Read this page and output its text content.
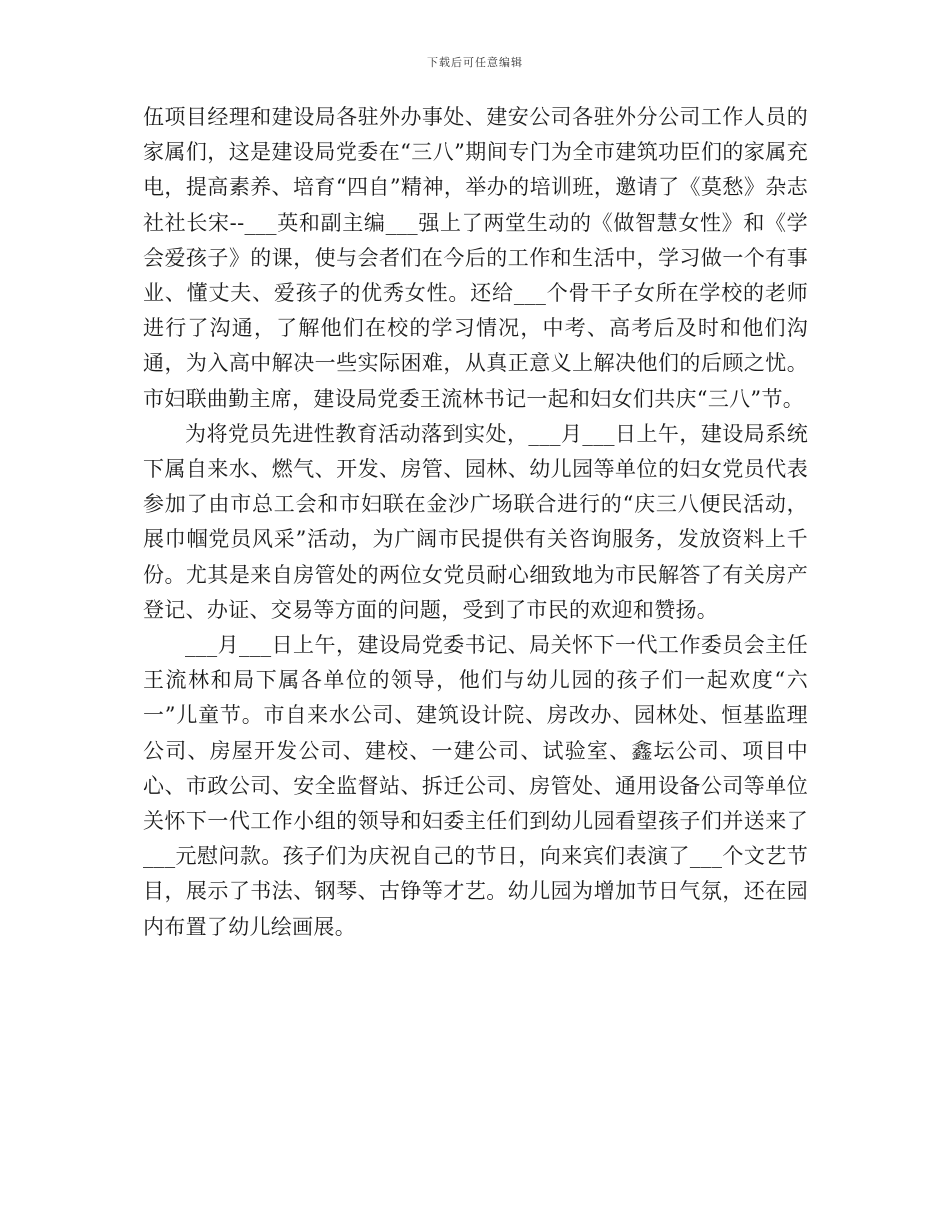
下载后可任意编辑

伍项目经理和建设局各驻外办事处、建安公司各驻外分公司工作人员的家属们，这是建设局党委在“三八”期间专门为全市建筑功臣们的家属充电，提高素养、培育“四自”精神，举办的培训班，邀请了《莫愁》杂志社社长宋--___英和副主编___强上了两堂生动的《做智慧女性》和《学会爱孩子》的课，使与会者们在今后的工作和生活中，学习做一个有事业、懂丈夫、爱孩子的优秀女性。还给___个骨干子女所在学校的老师进行了沟通，了解他们在校的学习情况，中考、高考后及时和他们沟通，为入高中解决一些实际困难，从真正意义上解决他们的后顾之忧。市妇联曲勤主席，建设局党委王流林书记一起和妇女们共庆“三八”节。

为将党员先进性教育活动落到实处，___月___日上午，建设局系统下属自来水、燃气、开发、房管、园林、幼儿园等单位的妇女党员代表参加了由市总工会和市妇联在金沙广场联合进行的“庆三八便民活动，展巾帼党员风采”活动，为广阔市民提供有关咨询服务，发放资料上千份。尤其是来自房管处的两位女党员耐心细致地为市民解答了有关房产登记、办证、交易等方面的问题，受到了市民的欢迎和赞扬。

___月___日上午，建设局党委书记、局关怀下一代工作委员会主任王流林和局下属各单位的领导，他们与幼儿园的孩子们一起欢度“六一”儿童节。市自来水公司、建筑设计院、房改办、园林处、恒基监理公司、房屋开发公司、建校、一建公司、试验室、鑫坛公司、项目中心、市政公司、安全监督站、拆迁公司、房管处、通用设备公司等单位关怀下一代工作小组的领导和妇委主任们到幼儿园看望孩子们并送来了___元慰问款。孩子们为庆祝自己的节日，向来宾们表演了___个文艺节目，展示了书法、钢琴、古铮等才艺。幼儿园为增加节日气氛，还在园内布置了幼儿绘画展。
